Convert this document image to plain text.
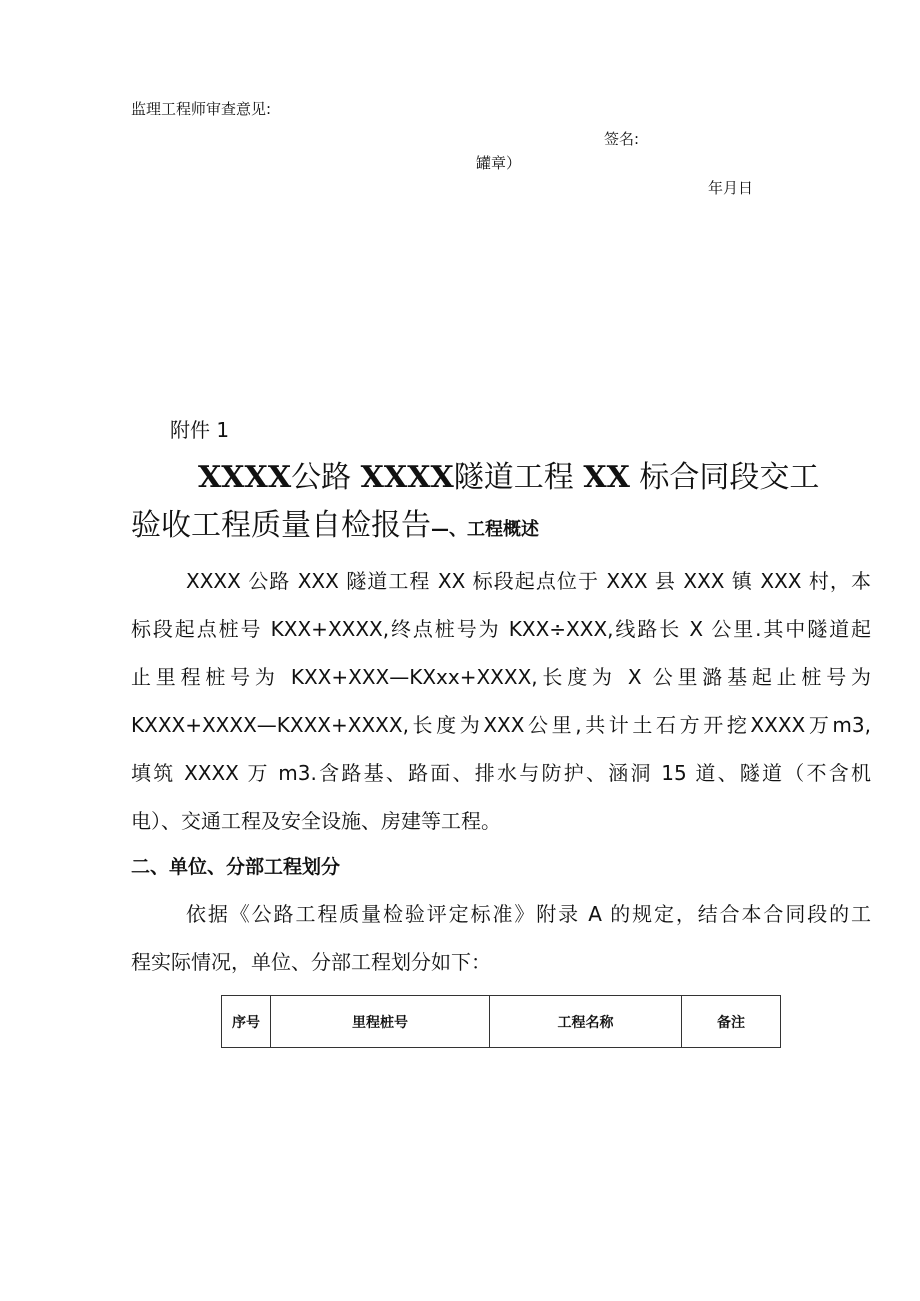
监理工程师审查意见:
签名:
罐章）
年月日
附件 1
XXXX公路 XXXX隧道工程 XX 标合同段交工
验收工程质量自检报告—、工程概述
XXXX 公路 XXX 隧道工程 XX 标段起点位于 XXX 县 XXX 镇 XXX 村，本
标段起点桩号 KXX+XXXX,终点桩号为 KXX÷XXX,线路长 X 公里.其中隧道起
止里程桩号为 KXX+XXX—KXxx+XXXX,长度为 X 公里潞基起止桩号为
KXXX+XXXX—KXXX+XXXX,长度为XXX公里,共计土石方开挖XXXX万m3,
填筑 XXXX 万 m3.含路基、路面、排水与防护、涵洞 15 道、隧道（不含机
电）、交通工程及安全设施、房建等工程。
二、单位、分部工程划分
依据《公路工程质量检验评定标准》附录 A 的规定，结合本合同段的工
程实际情况，单位、分部工程划分如下：
序号	里程桩号	工程名称	备注
